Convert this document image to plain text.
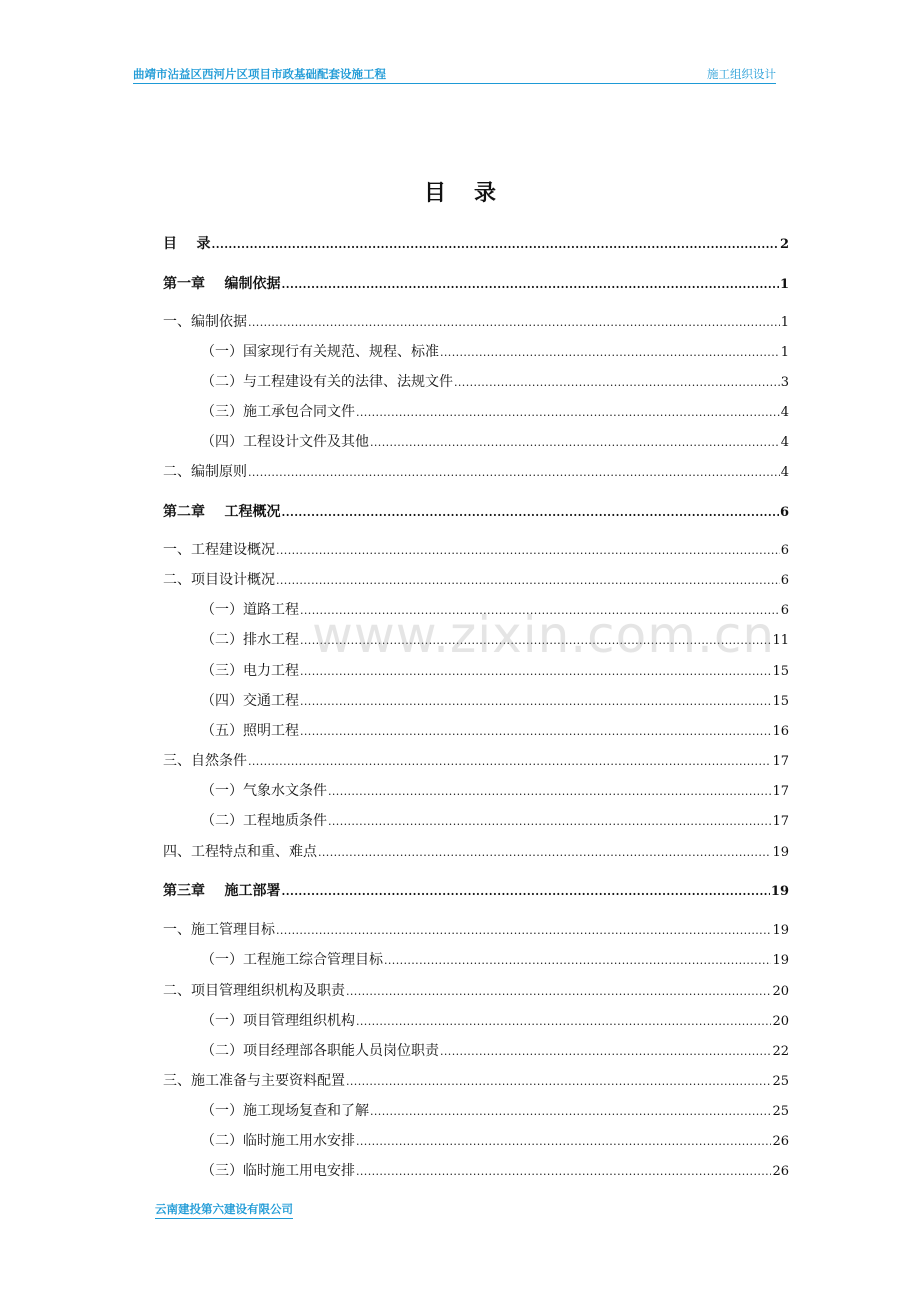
曲靖市沾益区西河片区项目市政基础配套设施工程	施工组织设计
目录
目    录 .....	2
第一章    编制依据 .....	1
一、编制依据 .....	1
（一）国家现行有关规范、规程、标准 .....	1
（二）与工程建设有关的法律、法规文件 .....	3
（三）施工承包合同文件 .....	4
（四）工程设计文件及其他 .....	4
二、编制原则 .....	4
第二章    工程概况 .....	6
一、工程建设概况 .....	6
二、项目设计概况 .....	6
（一）道路工程 .....	6
（二）排水工程 .....	11
（三）电力工程 .....	15
（四）交通工程 .....	15
（五）照明工程 .....	16
三、自然条件 .....	17
（一）气象水文条件 .....	17
（二）工程地质条件 .....	17
四、工程特点和重、难点 .....	19
第三章    施工部署 .....	19
一、施工管理目标 .....	19
（一）工程施工综合管理目标 .....	19
二、项目管理组织机构及职责 .....	20
（一）项目管理组织机构 .....	20
（二）项目经理部各职能人员岗位职责 .....	22
三、施工准备与主要资料配置 .....	25
（一）施工现场复查和了解 .....	25
（二）临时施工用水安排 .....	26
（三）临时施工用电安排 .....	26
www.zixin.com.cn
云南建投第六建设有限公司
